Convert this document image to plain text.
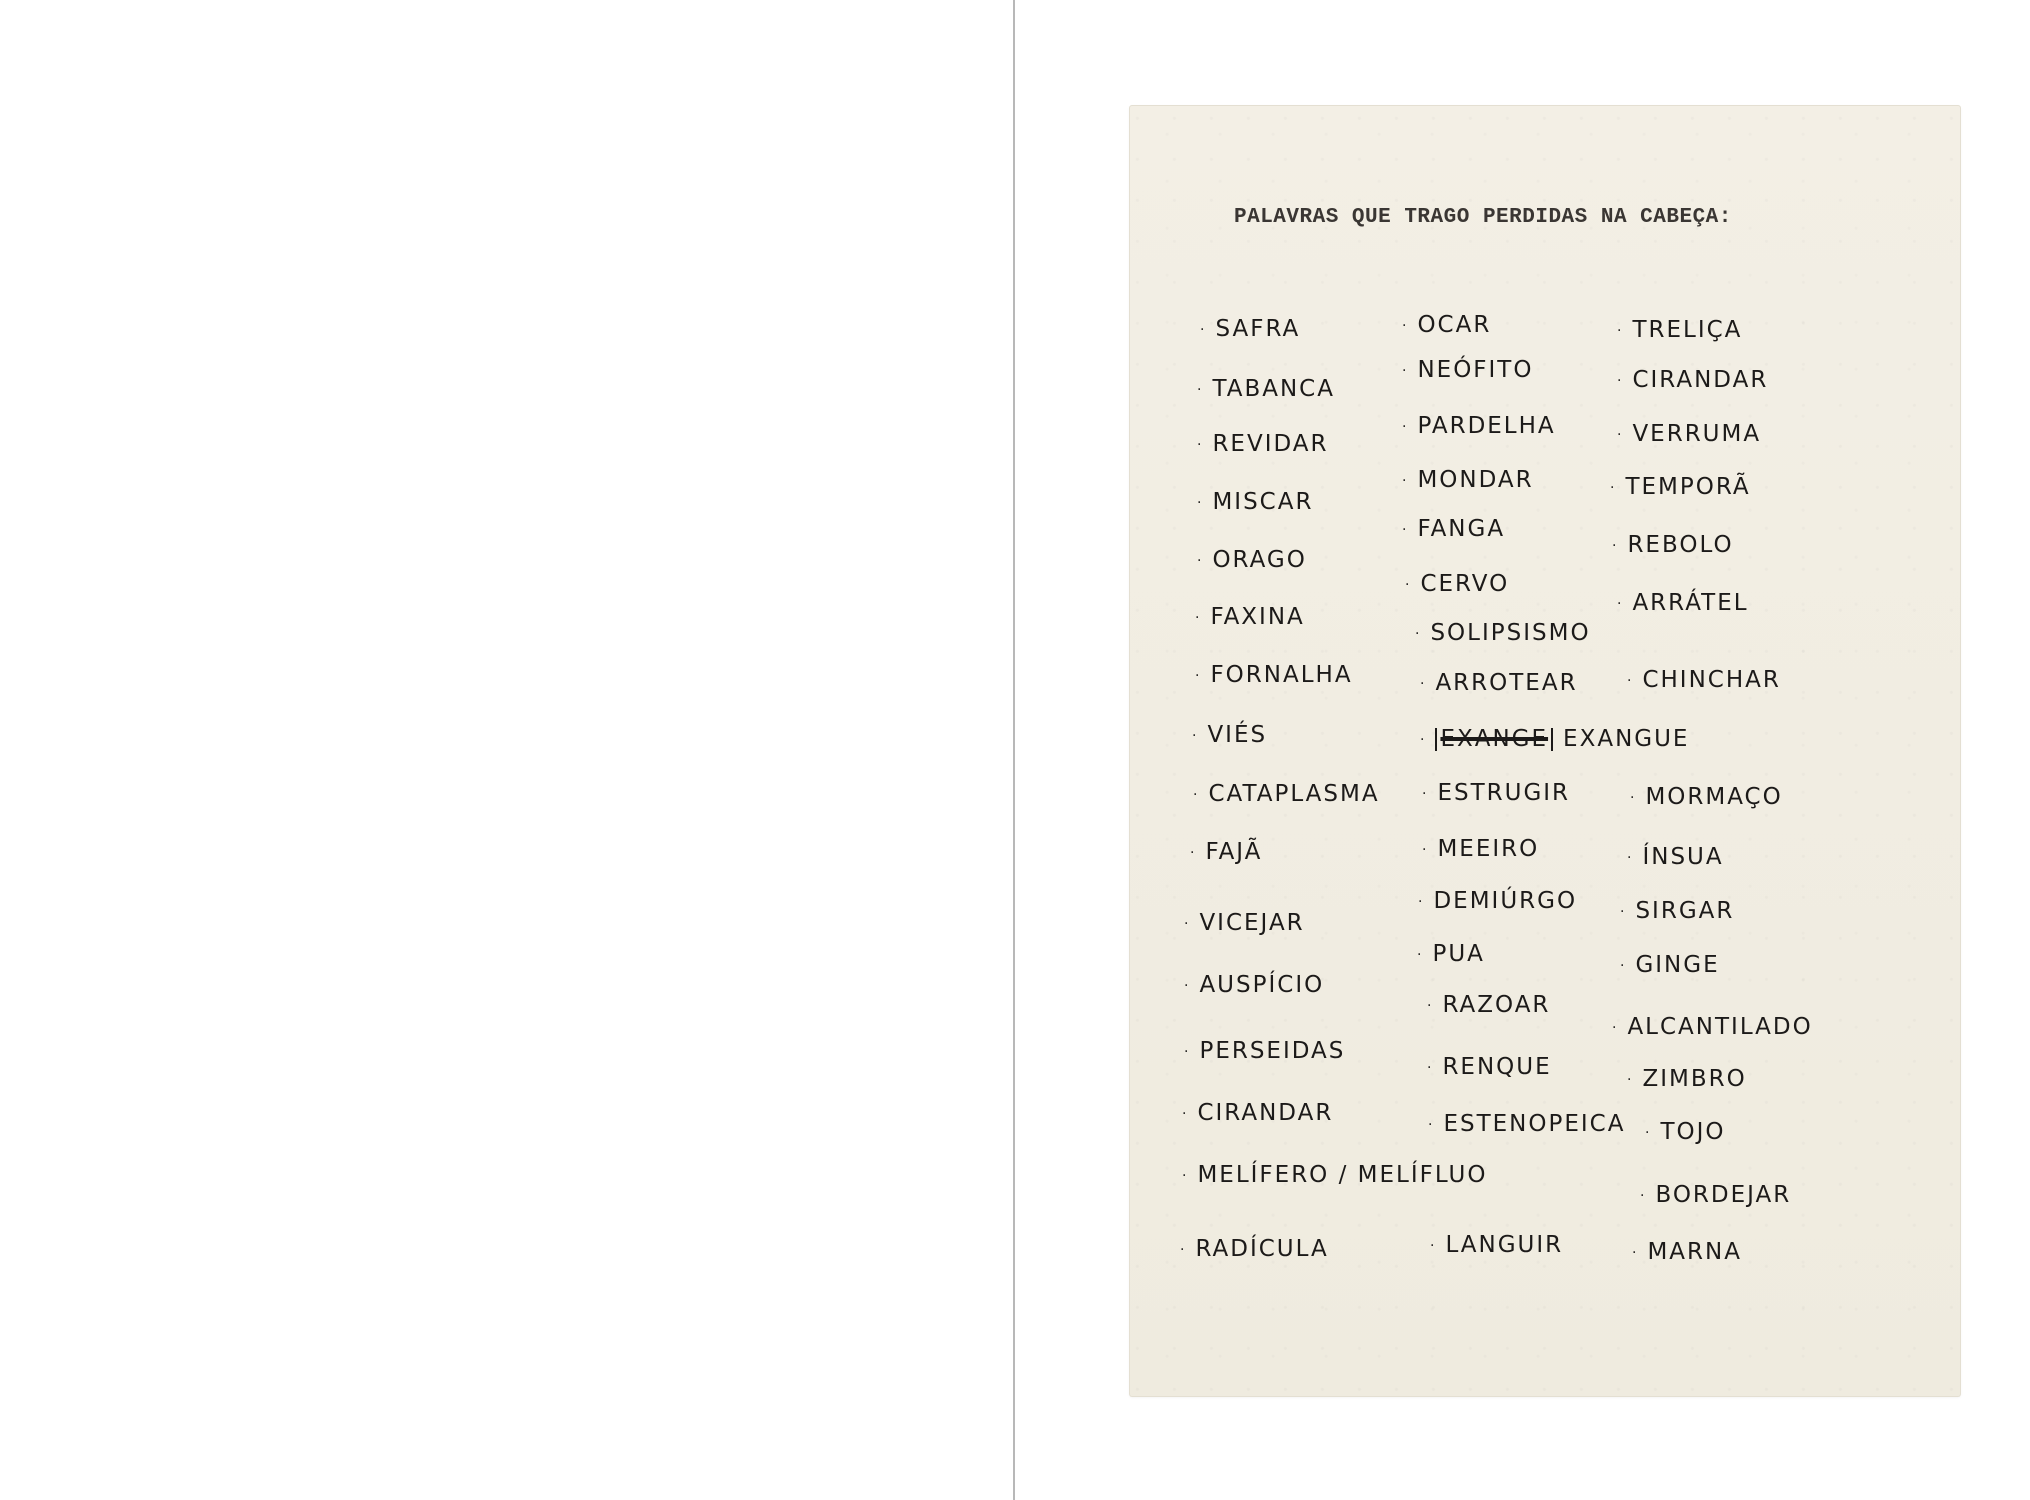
PALAVRAS QUE TRAGO PERDIDAS NA CABEÇA:
· SAFRA
· TABANCA
· REVIDAR
· MISCAR
· ORAGO
· FAXINA
· FORNALHA
· VIÉS
· CATAPLASMA
· FAJÃ
· VICEJAR
· AUSPÍCIO
· PERSEIDAS
· CIRANDAR
· MELÍFERO / MELÍFLUO
· RADÍCULA
· OCAR
· NEÓFITO
· PARDELHA
· MONDAR
· FANGA
· CERVO
· SOLIPSISMO
· ARROTEAR
· EXANGE EXANGUE
· ESTRUGIR
· MEEIRO
· DEMIÚRGO
· PUA
· RAZOAR
· RENQUE
· ESTENOPEICA
· LANGUIR
· TRELIÇA
· CIRANDAR
· VERRUMA
· TEMPORÃ
· REBOLO
· ARRÁTEL
· CHINCHAR
· MORMAÇO
· ÍNSUA
· SIRGAR
· GINGE
· ALCANTILADO
· ZIMBRO
· TOJO
· BORDEJAR
· MARNA
